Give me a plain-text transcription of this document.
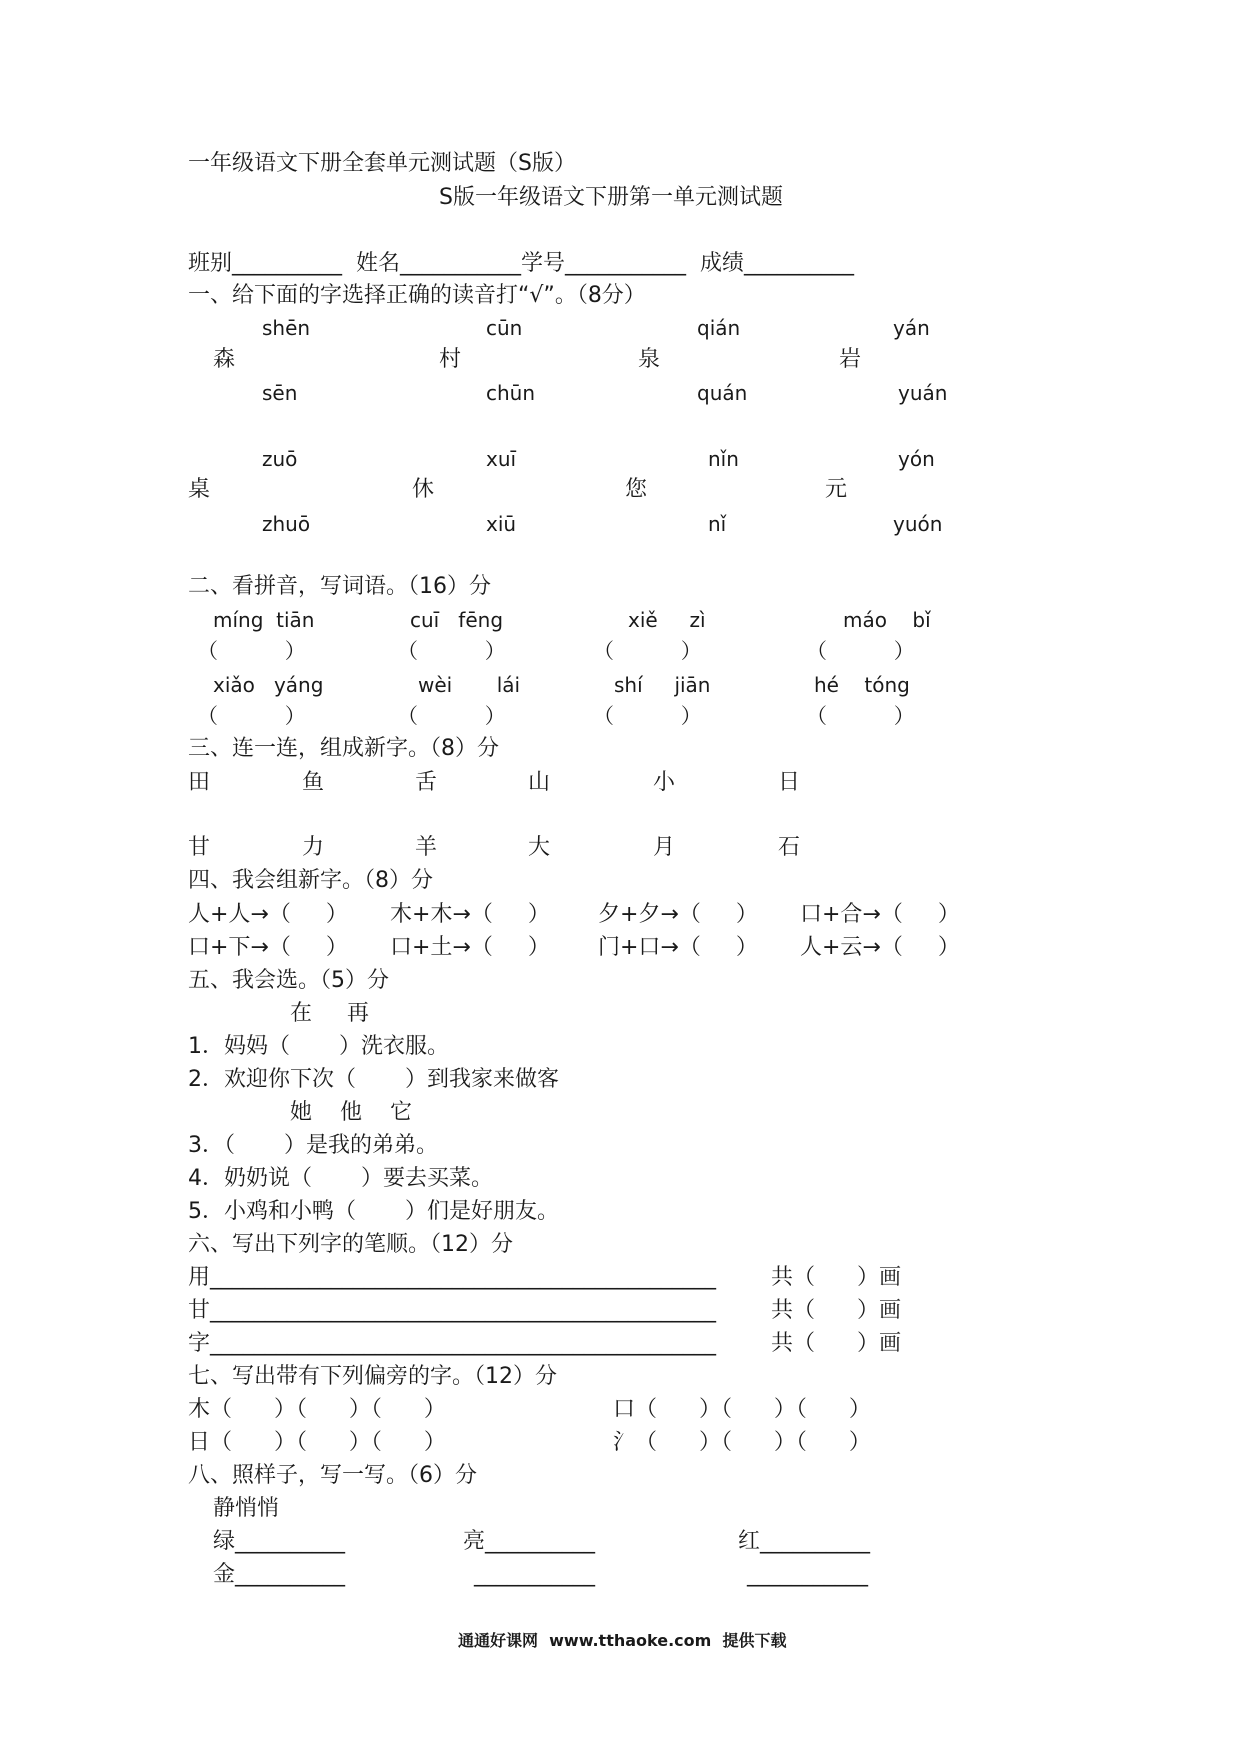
一年级语文下册全套单元测试题（S版）
S版一年级语文下册第一单元测试题
班别__________  姓名___________学号___________  成绩__________
一、给下面的字选择正确的读音打“√”。（8分）
shēn	cūn	qián	yán
森	村	泉	岩
sēn	chūn	quán	yuán
zuō	xuī	nǐn	yón
桌	休	您	元
zhuō	xiū	nǐ	yuón
二、看拼音，写词语。（16）分
míng  tiān	cuī   fēng	xiě     zì	máo    bǐ
（          ）	（          ）	（          ）	（          ）
xiǎo   yáng	wèi       lái	shí     jiān	hé    tóng
（          ）	（          ）	（          ）	（          ）
三、连一连，组成新字。（8）分
田	鱼	舌	山	小	日
甘	力	羊	大	月	石
四、我会组新字。（8）分
人+人→（     ） 木+木→（     ） 夕+夕→（     ） 口+合→（     ）
口+下→（     ） 口+土→（     ） 门+口→（     ） 人+云→（     ）
五、我会选。（5）分
在     再
1．妈妈（       ）洗衣服。
2．欢迎你下次（       ）到我家来做客
她    他    它
3．（       ）是我的弟弟。
4．奶奶说（       ）要去买菜。
5．小鸡和小鸭（       ）们是好朋友。
六、写出下列字的笔顺。（12）分
用 ______________________________________________	共（      ）画
甘 ______________________________________________	共（      ）画
字 ______________________________________________	共（      ）画
七、写出带有下列偏旁的字。（12）分
木（      ）（      ）（      ）	口（      ）（      ）（      ）
日（      ）（      ）（      ）	氵（      ）（      ）（      ）
八、照样子，写一写。（6）分
静悄悄
绿__________	亮__________	红__________
金__________	___________	___________
通通好课网  www.tthaoke.com  提供下载
